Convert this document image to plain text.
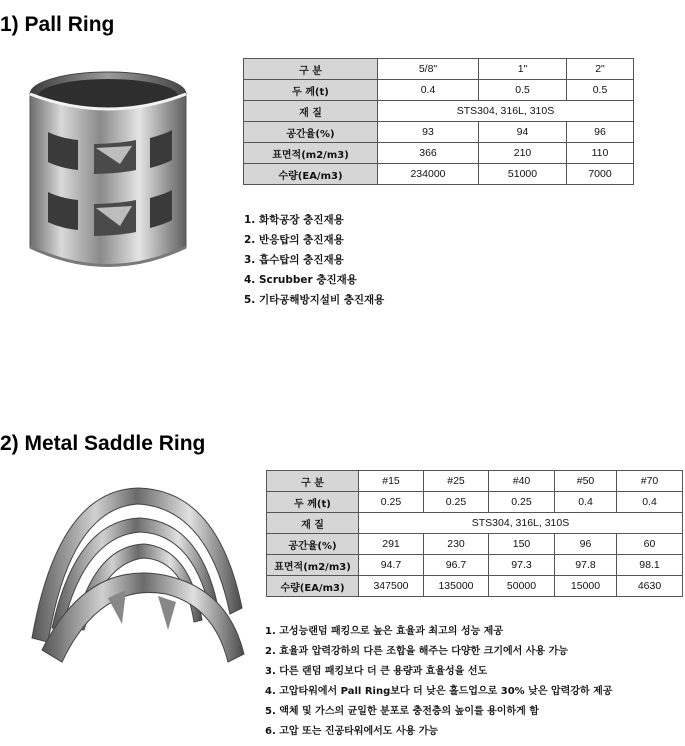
1) Pall Ring
구 분	5/8"	1"	2"
두 께(t)	0.4	0.5	0.5
재 질	STS304, 316L, 310S		
공간율(%)	93	94	96
표면적(m2/m3)	366	210	110
수량(EA/m3)	234000	51000	7000
1. 화학공장 충진재용
2. 반응탑의 충진재용
3. 흡수탑의 충진재용
4. Scrubber 충진재용
5. 기타공해방지설비 충진재용
2) Metal Saddle Ring
구 분	#15	#25	#40	#50	#70
두 께(t)	0.25	0.25	0.25	0.4	0.4
재 질	STS304, 316L, 310S				
공간율(%)	291	230	150	96	60
표면적(m2/m3)	94.7	96.7	97.3	97.8	98.1
수량(EA/m3)	347500	135000	50000	15000	4630
1. 고성능랜덤 패킹으로 높은 효율과 최고의 성능 제공
2. 효율과 압력강하의 다른 조합을 해주는 다양한 크기에서 사용 가능
3. 다른 랜덤 패킹보다 더 큰 용량과 효율성을 선도
4. 고압타워에서 Pall Ring보다 더 낮은 홀드업으로 30% 낮은 압력강하 제공
5. 액체 및 가스의 균일한 분포로 충전층의 높이를 용이하게 함
6. 고압 또는 진공타워에서도 사용 가능
